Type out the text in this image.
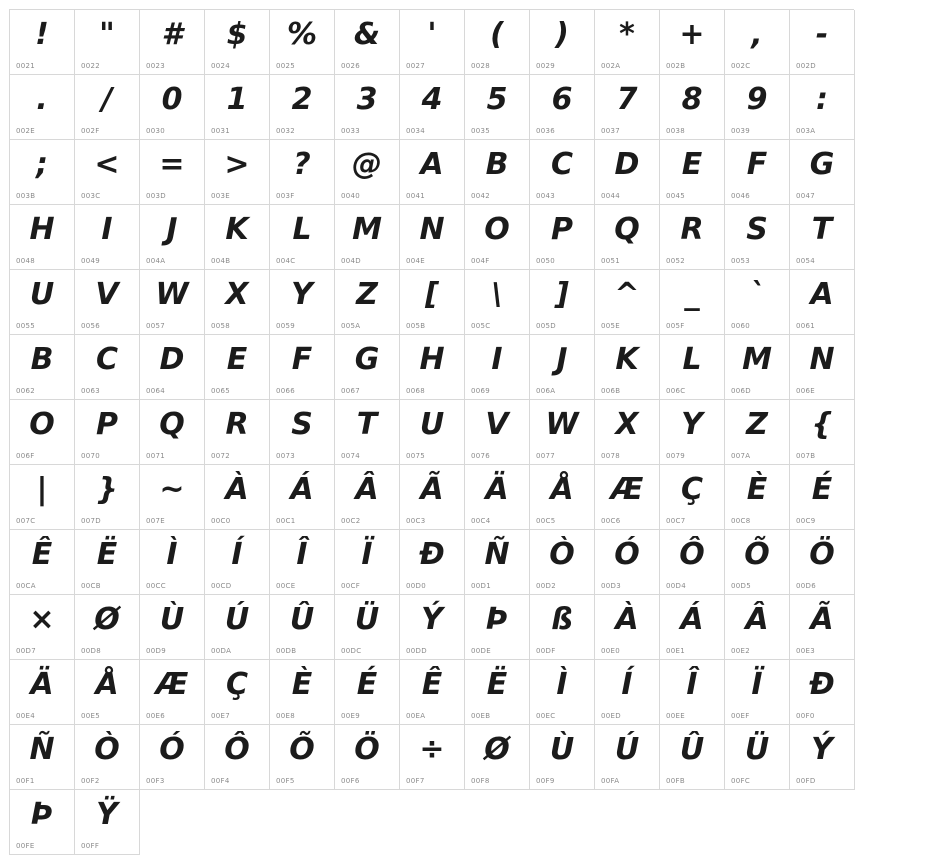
!
0021
"
0022
#
0023
$
0024
%
0025
&
0026
'
0027
(
0028
)
0029
*
002A
+
002B
,
002C
-
002D
.
002E
/
002F
0
0030
1
0031
2
0032
3
0033
4
0034
5
0035
6
0036
7
0037
8
0038
9
0039
:
003A
;
003B
<
003C
=
003D
>
003E
?
003F
@
0040
A
0041
B
0042
C
0043
D
0044
E
0045
F
0046
G
0047
H
0048
I
0049
J
004A
K
004B
L
004C
M
004D
N
004E
O
004F
P
0050
Q
0051
R
0052
S
0053
T
0054
U
0055
V
0056
W
0057
X
0058
Y
0059
Z
005A
[
005B
\
005C
]
005D
^
005E
_
005F
`
0060
A
0061
B
0062
C
0063
D
0064
E
0065
F
0066
G
0067
H
0068
I
0069
J
006A
K
006B
L
006C
M
006D
N
006E
O
006F
P
0070
Q
0071
R
0072
S
0073
T
0074
U
0075
V
0076
W
0077
X
0078
Y
0079
Z
007A
{
007B
|
007C
}
007D
~
007E
À
00C0
Á
00C1
Â
00C2
Ã
00C3
Ä
00C4
Å
00C5
Æ
00C6
Ç
00C7
È
00C8
É
00C9
Ê
00CA
Ë
00CB
Ì
00CC
Í
00CD
Î
00CE
Ï
00CF
Ð
00D0
Ñ
00D1
Ò
00D2
Ó
00D3
Ô
00D4
Õ
00D5
Ö
00D6
×
00D7
Ø
00D8
Ù
00D9
Ú
00DA
Û
00DB
Ü
00DC
Ý
00DD
Þ
00DE
ß
00DF
À
00E0
Á
00E1
Â
00E2
Ã
00E3
Ä
00E4
Å
00E5
Æ
00E6
Ç
00E7
È
00E8
É
00E9
Ê
00EA
Ë
00EB
Ì
00EC
Í
00ED
Î
00EE
Ï
00EF
Ð
00F0
Ñ
00F1
Ò
00F2
Ó
00F3
Ô
00F4
Õ
00F5
Ö
00F6
÷
00F7
Ø
00F8
Ù
00F9
Ú
00FA
Û
00FB
Ü
00FC
Ý
00FD
Þ
00FE
Ÿ
00FF
